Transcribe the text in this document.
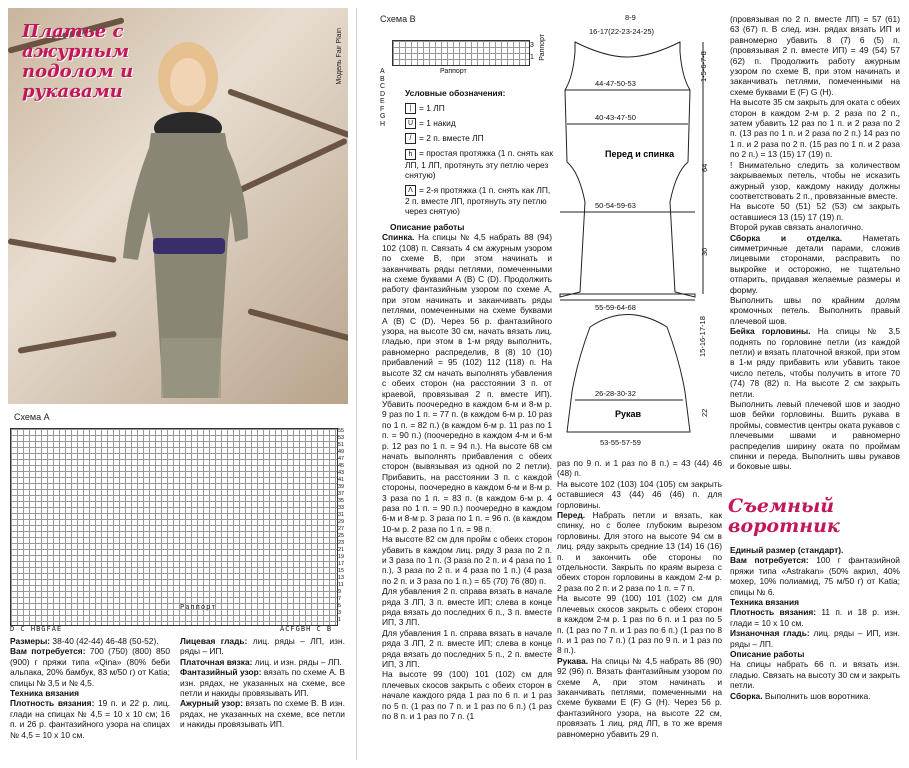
Платье с ажурным подолом и рукавами
Модель Fair Plain
Схема А
Раппорт
D C HBGFAE	ACFGBH C B
55
53
51
49
47
45
43
41
39
37
35
33
31
29
27
25
23
21
19
17
15
13
11
9
7
5
3
1

Размеры: 38-40 (42-44) 46-48 (50-52).

Вам потребуется: 700 (750) (800) 850 (900) г пряжи типа «Qina» (80% беби альпака, 20% бамбук, 83 м/50 г) от Katia; спицы № 3,5 и № 4,5.

Техника вязания

Плотность вязания: 19 п. и 22 р. лиц. глади на спицах № 4,5 = 10 х 10 см; 16 п. и 26 р. фантазийного узора на спицах № 4,5 = 10 х 10 см.

Лицевая гладь: лиц. ряды – ЛП, изн. ряды – ИП.

Платочная вязка: лиц. и изн. ряды – ЛП.

Фантазийный узор: вязать по схеме А. В изн. рядах, не указанных на схеме, все петли и накиды провязывать ИП.

Ажурный узор: вязать по схеме В. В изн. рядах, не указанных на схеме, все петли и накиды провязывать ИП.

Схема В
3
1 Раппорт
Раппорт
A
B
C
D
E
F
G
H
Условные обозначения:
| = 1 ЛП
U = 1 накид
/ = 2 п. вместе ЛП
h = простая протяжка (1 п. снять как ЛП, 1 ЛП, протянуть эту петлю через снятую)
Λ = 2-я протяжка (1 п. снять как ЛП, 2 п. вместе ЛП, протянуть эту петлю через снятую)
Описание работы

Спинка. На спицы № 4,5 набрать 88 (94) 102 (108) п. Связать 4 см ажурным узором по схеме В, при этом начинать и заканчивать ряды петлями, помеченными на схеме буквами А (В) С (D). Продолжить работу фантазийным узором по схеме А, при этом начинать и заканчивать ряды петлями, помеченными на схеме буквами А (В) С (D). Через 56 р. фантазийного узора, на высоте 30 см, начать вязать лиц. гладью, при этом в 1-м ряду выполнить, равномерно распределив, 8 (8) 10 (10) прибавлений = 95 (102) 112 (118) п. На высоте 32 см начать выполнять убавления с обеих сторон (на расстоянии 3 п. от краевой, провязывая 2 п. вместе ИП). Убавить поочередно в каждом 6-м и 8-м р. 9 раз по 1 п. = 77 п. (в каждом 6-м р. 10 раз по 1 п. = 82 п.) (в каждом 6-м р. 11 раз по 1 п. = 90 п.) (поочередно в каждом 4-м и 6-м р. 12 раз по 1 п. = 94 п.). На высоте 68 см начать выполнять прибавления с обеих сторон (вывязывая из одной по 2 петли). Прибавить, на расстоянии 3 п. с каждой стороны, поочередно в каждом 6-м и 8-м р. 3 раза по 1 п. = 83 п. (в каждом 6-м р. 4 раза по 1 п. = 90 п.) поочередно в каждом 6-м и 8-м р. 3 раза по 1 п. = 96 п. (в каждом 10-м р. 2 раза по 1 п. = 98 п.

На высоте 82 см для пройм с обеих сторон убавить в каждом лиц. ряду 3 раза по 2 п. и 3 раза по 1 п. (3 раза по 2 п. и 4 раза по 1 п.), 3 раза по 2 п. и 4 раза по 1 п.) (4 раза по 2 п. и 3 раза по 1 п.) = 65 (70) 76 (80) п.

Для убавления 2 п. справа вязать в начале ряда 3 ЛП, 3 п. вместе ИП; слева в конце ряда вязать до последних 6 п., 3 п. вместе ИП, 3 ЛП.

Для убавления 1 п. справа вязать в начале ряда 3 ЛП, 2 п. вместе ИП; слева в конце ряда вязать до последних 5 п., 2 п. вместе ИП, 3 ЛП.

На высоте 99 (100) 101 (102) см для плечевых скосов закрыть с обеих сторон в начале каждого ряда 1 раз по 6 п. и 1 раз по 5 п. (1 раз по 7 п. и 1 раз по 6 п.) (1 раз по 8 п. и 1 раз по 7 п. (1

16-17(22-23-24-25)
44-47-50-53
40-43-47-50
50-54-59-63
55-59-64-68
Перед и спинка
1-5-6-7-8
64
30
8-9
26-28-30-32
Рукав
53-55-57-59
15-16-17-18
22

раз по 9 п. и 1 раз по 8 п.) = 43 (44) 46 (48) п.

На высоте 102 (103) 104 (105) см закрыть оставшиеся 43 (44) 46 (46) п. для горловины.

Перед. Набрать петли и вязать, как спинку, но с более глубоким вырезом горловины. Для этого на высоте 94 см в лиц. ряду закрыть средние 13 (14) 16 (16) п. и закончить обе стороны по отдельности. Закрыть по краям выреза с обеих сторон горловины в каждом 2-м р. 2 раза по 2 п. и 2 раза по 1 п. = 7 п.

На высоте 99 (100) 101 (102) см для плечевых скосов закрыть с обеих сторон в каждом 2-м р. 1 раз по 6 п. и 1 раз по 5 п. (1 раз по 7 п. и 1 раз по 6 п.) (1 раз по 8 п. и 1 раз по 7 п.) (1 раз по 9 п. и 1 раз по 8 п.).

Рукава. На спицы № 4,5 набрать 86 (90) 92 (96) п. Вязать фантазийным узором по схеме А, при этом начинать и заканчивать петлями, помеченными на схеме буквами E (F) G (H). Через 56 р. фантазийного узора, на высоте 22 см, провязать 1 лиц. ряд ЛП, в то же время равномерно убавить 29 п.

(провязывая по 2 п. вместе ЛП) = 57 (61) 63 (67) п. В след. изн. рядах вязать ИП и равномерно убавить 8 (7) 6 (5) п. (провязывая 2 п. вместе ИП) = 49 (54) 57 (62) п. Продолжить работу ажурным узором по схеме В, при этом начинать и заканчивать петлями, помеченными на схеме буквами E (F) G (H).

На высоте 35 см закрыть для оката с обеих сторон в каждом 2-м р. 2 раза по 2 п., затем убавить 12 раз по 1 п. и 2 раза по 2 п. (13 раз по 1 п. и 2 раза по 2 п.) 14 раз по 1 п. и 2 раза по 2 п. (15 раз по 1 п. и 2 раза по 2 п.) = 13 (15) 17 (19) п.

! Внимательно следить за количеством закрываемых петель, чтобы не исказить ажурный узор, каждому накиду должны соответствовать 2 п., провязанные вместе.

На высоте 50 (51) 52 (53) см закрыть оставшиеся 13 (15) 17 (19) п.

Второй рукав связать аналогично.

Сборка и отделка. Наметать симметричные детали парами, сложив лицевыми сторонами, расправить по выкройке и осторожно, не тщательно отпарить, придавая желаемые размеры и форму.

Выполнить швы по крайним долям кромочных петель. Выполнить правый плечевой шов.

Бейка горловины. На спицы № 3,5 поднять по горловине петли (из каждой петли) и вязать платочной вязкой, при этом в 1-м ряду прибавить или убавить такое число петель, чтобы получить в итоге 70 (74) 78 (82) п. На высоте 2 см закрыть петли.

Выполнить левый плечевой шов и заодно шов бейки горловины. Вшить рукава в проймы, совместив центры оката рукавов с плечевыми швами и равномерно распределив ширину оката по проймам спинки и переда. Выполнить швы рукавов и боковые швы.

Съемный воротник

Единый размер (стандарт).

Вам потребуется: 100 г фантазийной пряжи типа «Astrakan» (50% акрил, 40% мохер, 10% полиамид, 75 м/50 г) от Katia; спицы № 6.

Техника вязания

Плотность вязания: 11 п. и 18 р. изн. глади = 10 х 10 см.

Изнаночная гладь: лиц. ряды – ИП, изн. ряды – ЛП.

Описание работы

На спицы набрать 66 п. и вязать изн. гладью. Связать на высоту 30 см и закрыть петли.

Сборка. Выполнить шов воротника.
